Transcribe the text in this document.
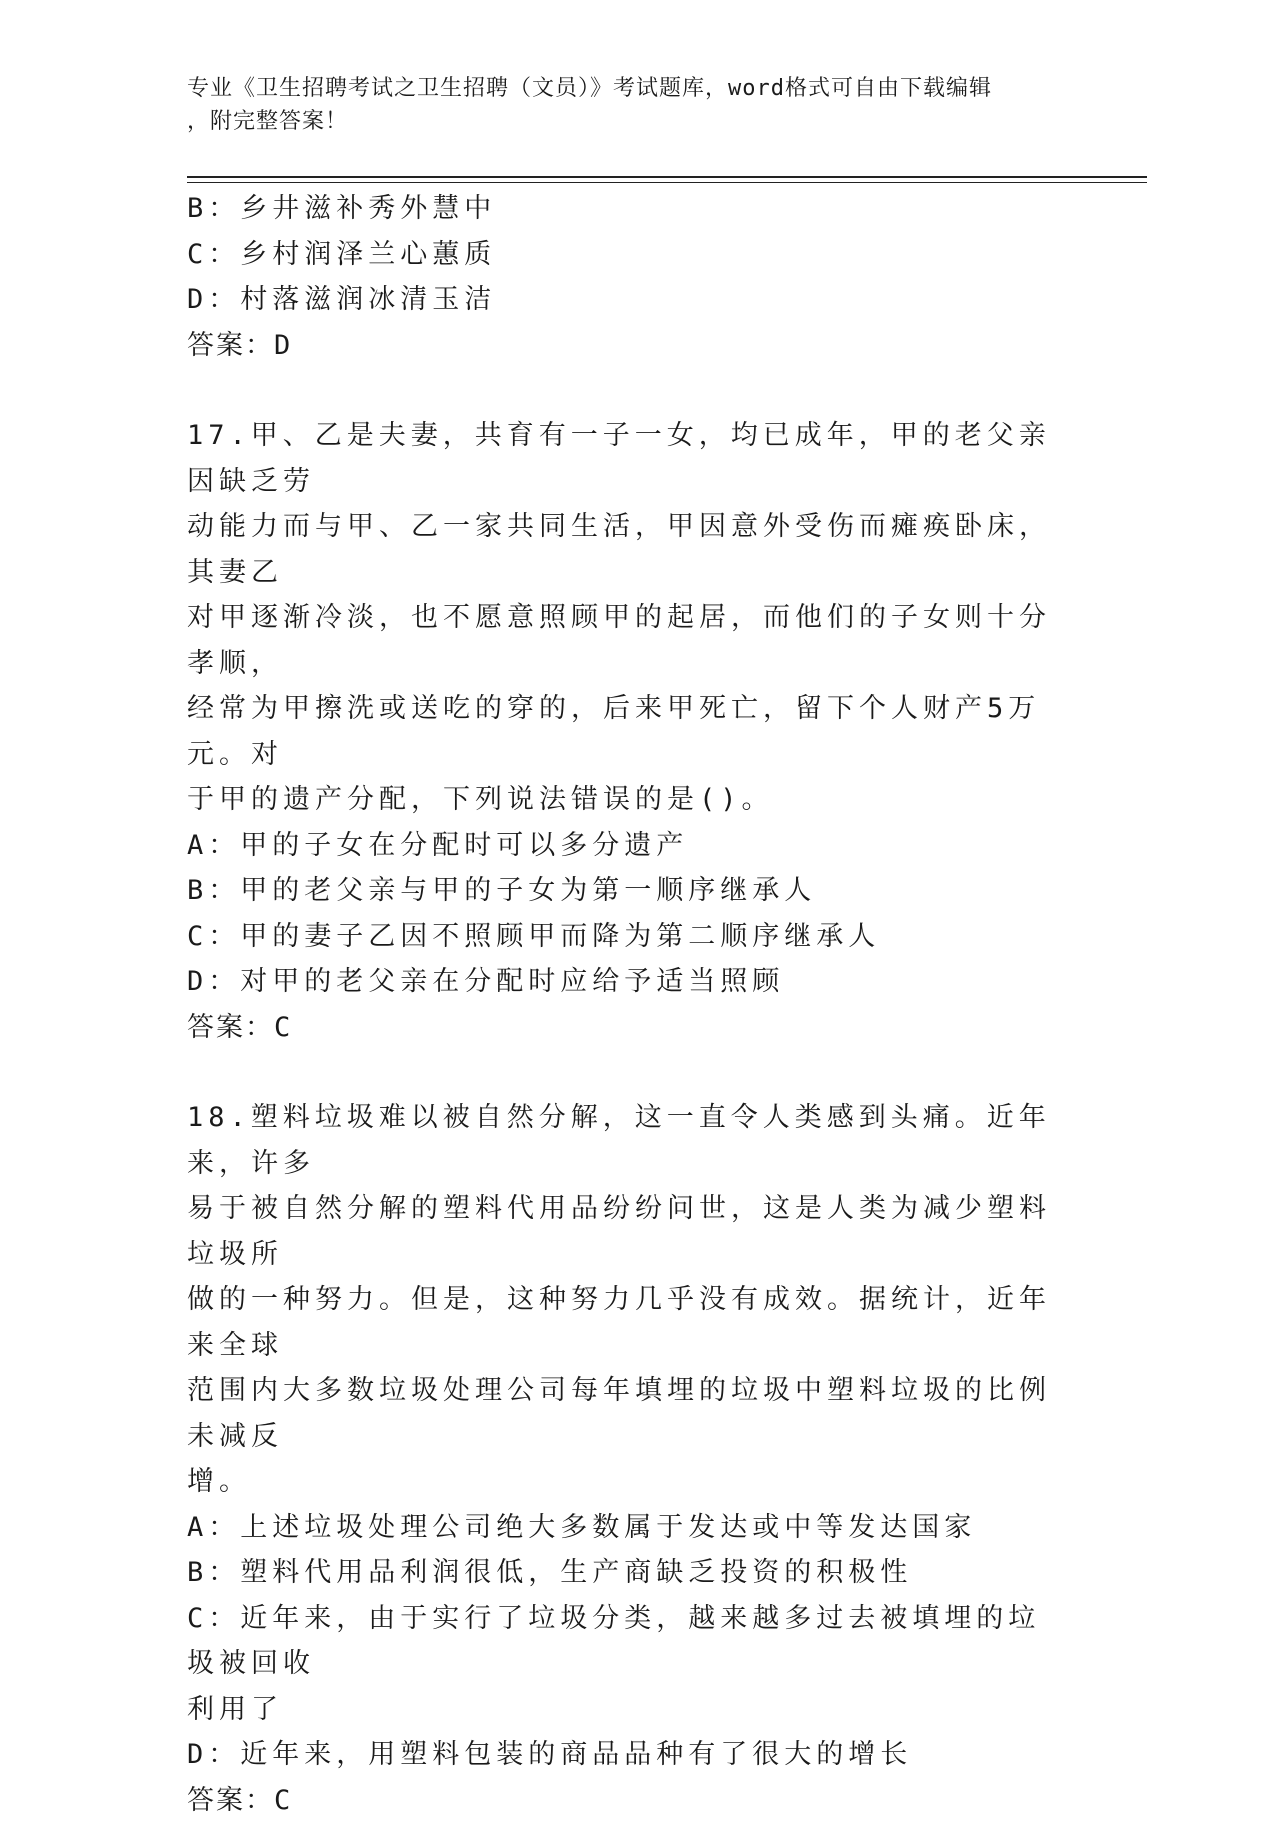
专业《卫生招聘考试之卫生招聘（文员）》考试题库，word格式可自由下载编辑
，附完整答案！

B：乡井滋补秀外慧中

C：乡村润泽兰心蕙质

D：村落滋润冰清玉洁

答案：D

17.甲、乙是夫妻，共育有一子一女，均已成年，甲的老父亲因缺乏劳

动能力而与甲、乙一家共同生活，甲因意外受伤而瘫痪卧床，其妻乙

对甲逐渐冷淡，也不愿意照顾甲的起居，而他们的子女则十分孝顺，

经常为甲擦洗或送吃的穿的，后来甲死亡，留下个人财产5万元。对

于甲的遗产分配，下列说法错误的是()。

A：甲的子女在分配时可以多分遗产

B：甲的老父亲与甲的子女为第一顺序继承人

C：甲的妻子乙因不照顾甲而降为第二顺序继承人

D：对甲的老父亲在分配时应给予适当照顾

答案：C

18.塑料垃圾难以被自然分解，这一直令人类感到头痛。近年来，许多

易于被自然分解的塑料代用品纷纷问世，这是人类为减少塑料垃圾所

做的一种努力。但是，这种努力几乎没有成效。据统计，近年来全球

范围内大多数垃圾处理公司每年填埋的垃圾中塑料垃圾的比例未减反

增。

A：上述垃圾处理公司绝大多数属于发达或中等发达国家

B：塑料代用品利润很低，生产商缺乏投资的积极性

C：近年来，由于实行了垃圾分类，越来越多过去被填埋的垃圾被回收

利用了

D：近年来，用塑料包装的商品品种有了很大的增长

答案：C
